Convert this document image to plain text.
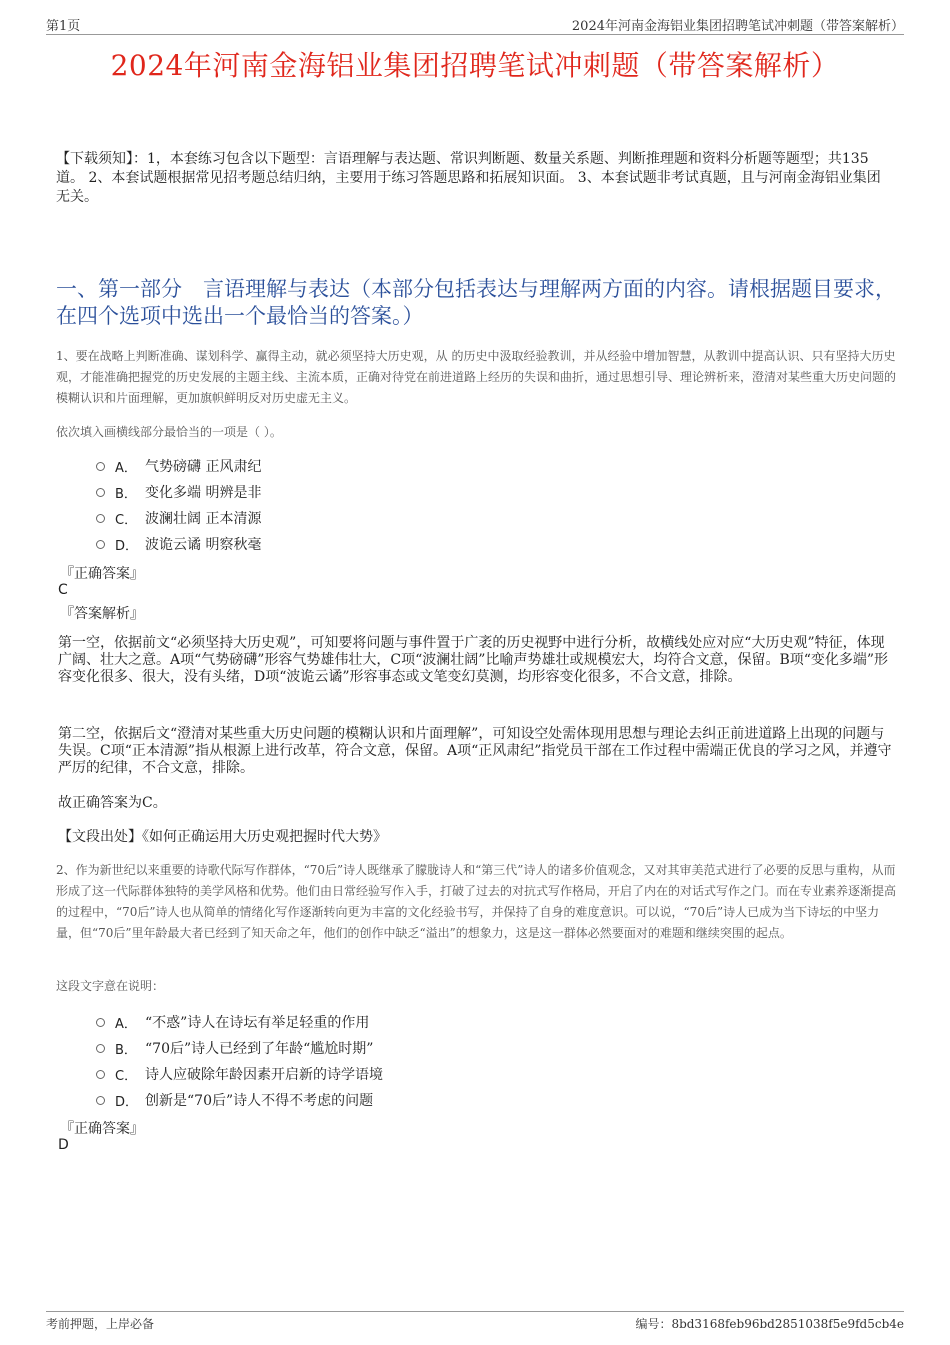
第1页	2024年河南金海铝业集团招聘笔试冲刺题（带答案解析）
2024年河南金海铝业集团招聘笔试冲刺题（带答案解析）
【下载须知】：1，本套练习包含以下题型：言语理解与表达题、常识判断题、数量关系题、判断推理题和资料分析题等题型；共135道。 2、本套试题根据常见招考题总结归纳，主要用于练习答题思路和拓展知识面。 3、本套试题非考试真题，且与河南金海铝业集团无关。
一、第一部分　言语理解与表达（本部分包括表达与理解两方面的内容。请根据题目要求，在四个选项中选出一个最恰当的答案。）
1、要在战略上判断准确、谋划科学、赢得主动，就必须坚持大历史观，从 的历史中汲取经验教训，并从经验中增加智慧，从教训中提高认识、只有坚持大历史观，才能准确把握党的历史发展的主题主线、主流本质，正确对待党在前进道路上经历的失误和曲折，通过思想引导、理论辨析来，澄清对某些重大历史问题的模糊认识和片面理解，更加旗帜鲜明反对历史虚无主义。
依次填入画横线部分最恰当的一项是（ ）。
A． 气势磅礴 正风肃纪
B． 变化多端 明辨是非
C． 波澜壮阔 正本清源
D． 波诡云谲 明察秋毫
『正确答案』
C
『答案解析』
第一空，依据前文“必须坚持大历史观”，可知要将问题与事件置于广袤的历史视野中进行分析，故横线处应对应“大历史观”特征，体现广阔、壮大之意。A项“气势磅礴”形容气势雄伟壮大，C项“波澜壮阔”比喻声势雄壮或规模宏大，均符合文意，保留。B项“变化多端”形容变化很多、很大，没有头绪，D项“波诡云谲”形容事态或文笔变幻莫测，均形容变化很多，不合文意，排除。
第二空，依据后文“澄清对某些重大历史问题的模糊认识和片面理解”，可知设空处需体现用思想与理论去纠正前进道路上出现的问题与失误。C项“正本清源”指从根源上进行改革，符合文意，保留。A项“正风肃纪”指党员干部在工作过程中需端正优良的学习之风，并遵守严厉的纪律，不合文意，排除。
故正确答案为C。
【文段出处】《如何正确运用大历史观把握时代大势》
2、作为新世纪以来重要的诗歌代际写作群体，“70后”诗人既继承了朦胧诗人和“第三代”诗人的诸多价值观念，又对其审美范式进行了必要的反思与重构，从而形成了这一代际群体独特的美学风格和优势。他们由日常经验写作入手，打破了过去的对抗式写作格局，开启了内在的对话式写作之门。而在专业素养逐渐提高的过程中，“70后”诗人也从简单的情绪化写作逐渐转向更为丰富的文化经验书写，并保持了自身的难度意识。可以说，“70后”诗人已成为当下诗坛的中坚力量，但“70后”里年龄最大者已经到了知天命之年，他们的创作中缺乏“溢出”的想象力，这是这一群体必然要面对的难题和继续突围的起点。
这段文字意在说明：
A． “不惑”诗人在诗坛有举足轻重的作用
B． “70后”诗人已经到了年龄“尴尬时期”
C． 诗人应破除年龄因素开启新的诗学语境
D． 创新是“70后”诗人不得不考虑的问题
『正确答案』
D
考前押题，上岸必备	编号：8bd3168feb96bd2851038f5e9fd5cb4e
